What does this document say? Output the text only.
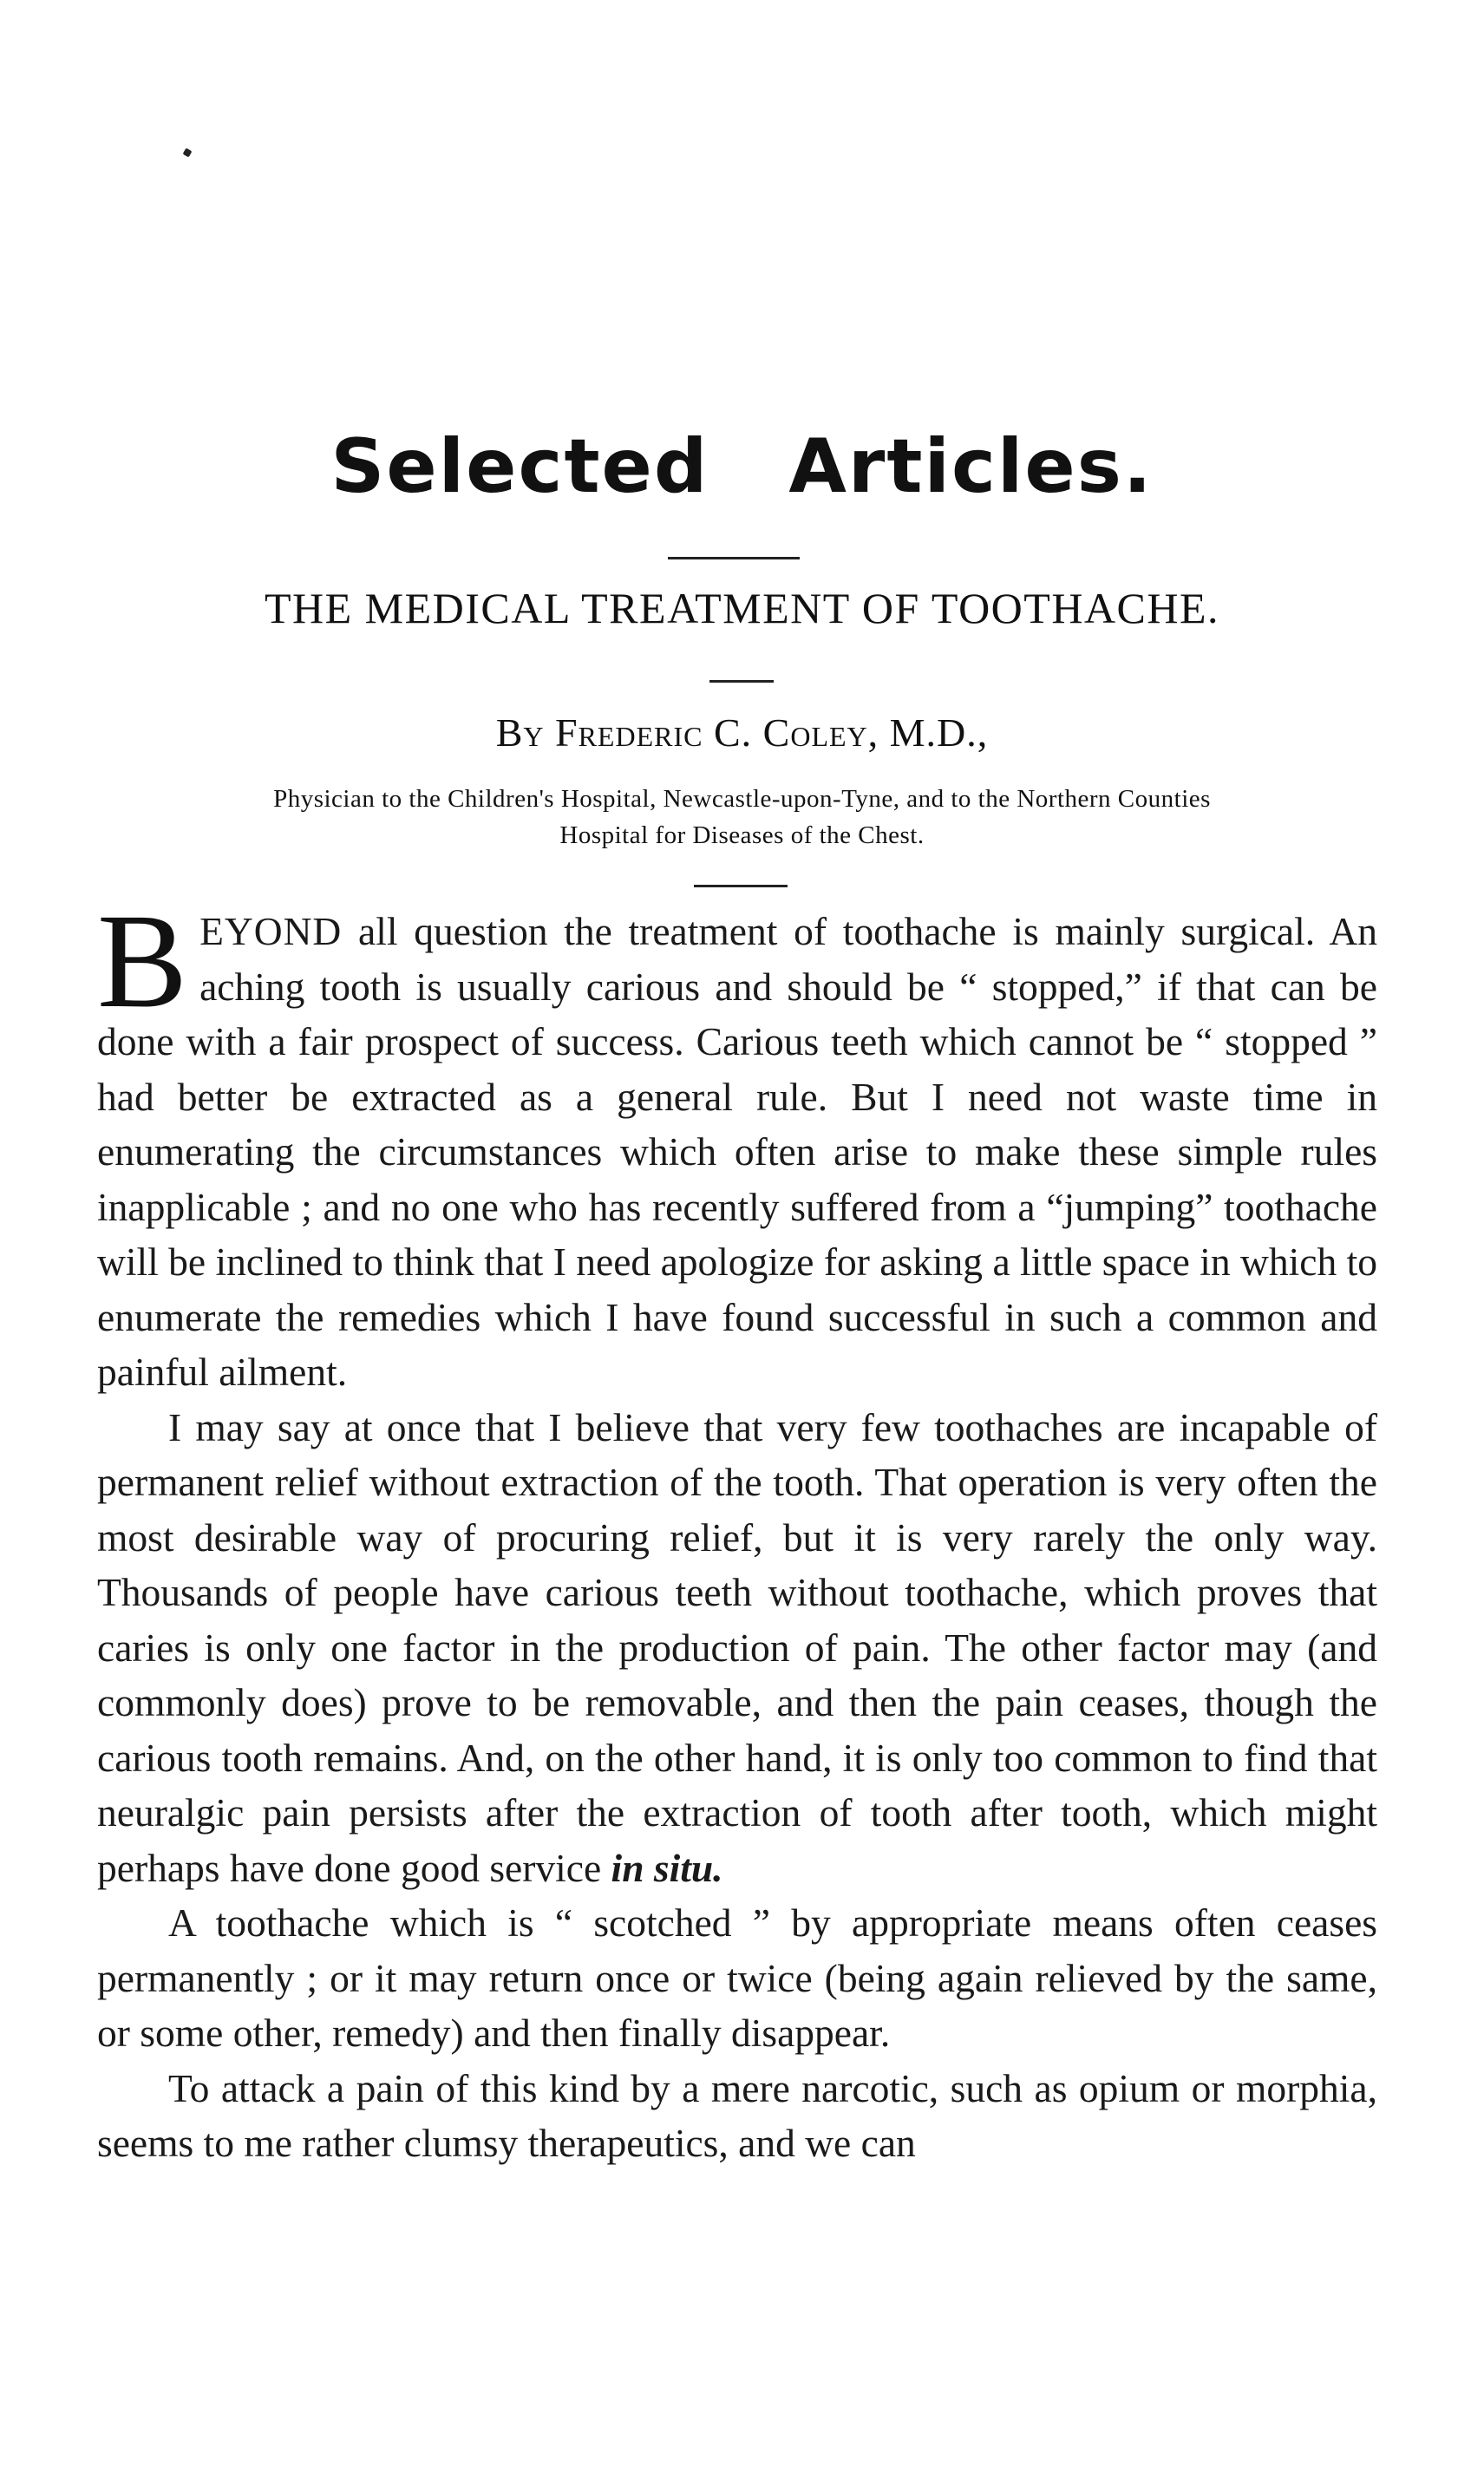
Selected Articles.
THE MEDICAL TREATMENT OF TOOTHACHE.
By Frederic C. Coley, M.D.,
Physician to the Children's Hospital, Newcastle-upon-Tyne, and to the Northern Counties
Hospital for Diseases of the Chest.

BEYOND all question the treatment of toothache is mainly surgical. An aching tooth is usually carious and should be “ stopped,” if that can be done with a fair prospect of success. Carious teeth which cannot be “ stopped ” had better be extracted as a general rule. But I need not waste time in enumerating the circumstances which often arise to make these simple rules inapplicable ; and no one who has recently suffered from a “jumping” toothache will be inclined to think that I need apologize for asking a little space in which to enumerate the remedies which I have found successful in such a common and painful ailment.

I may say at once that I believe that very few toothaches are incapable of permanent relief without extraction of the tooth. That operation is very often the most desirable way of procuring relief, but it is very rarely the only way. Thousands of people have carious teeth without toothache, which proves that caries is only one factor in the production of pain. The other factor may (and commonly does) prove to be removable, and then the pain ceases, though the carious tooth remains. And, on the other hand, it is only too common to find that neuralgic pain persists after the extraction of tooth after tooth, which might perhaps have done good service in situ.

A toothache which is “ scotched ” by appropriate means often ceases permanently ; or it may return once or twice (being again relieved by the same, or some other, remedy) and then finally disappear.

To attack a pain of this kind by a mere narcotic, such as opium or morphia, seems to me rather clumsy therapeutics, and we can
